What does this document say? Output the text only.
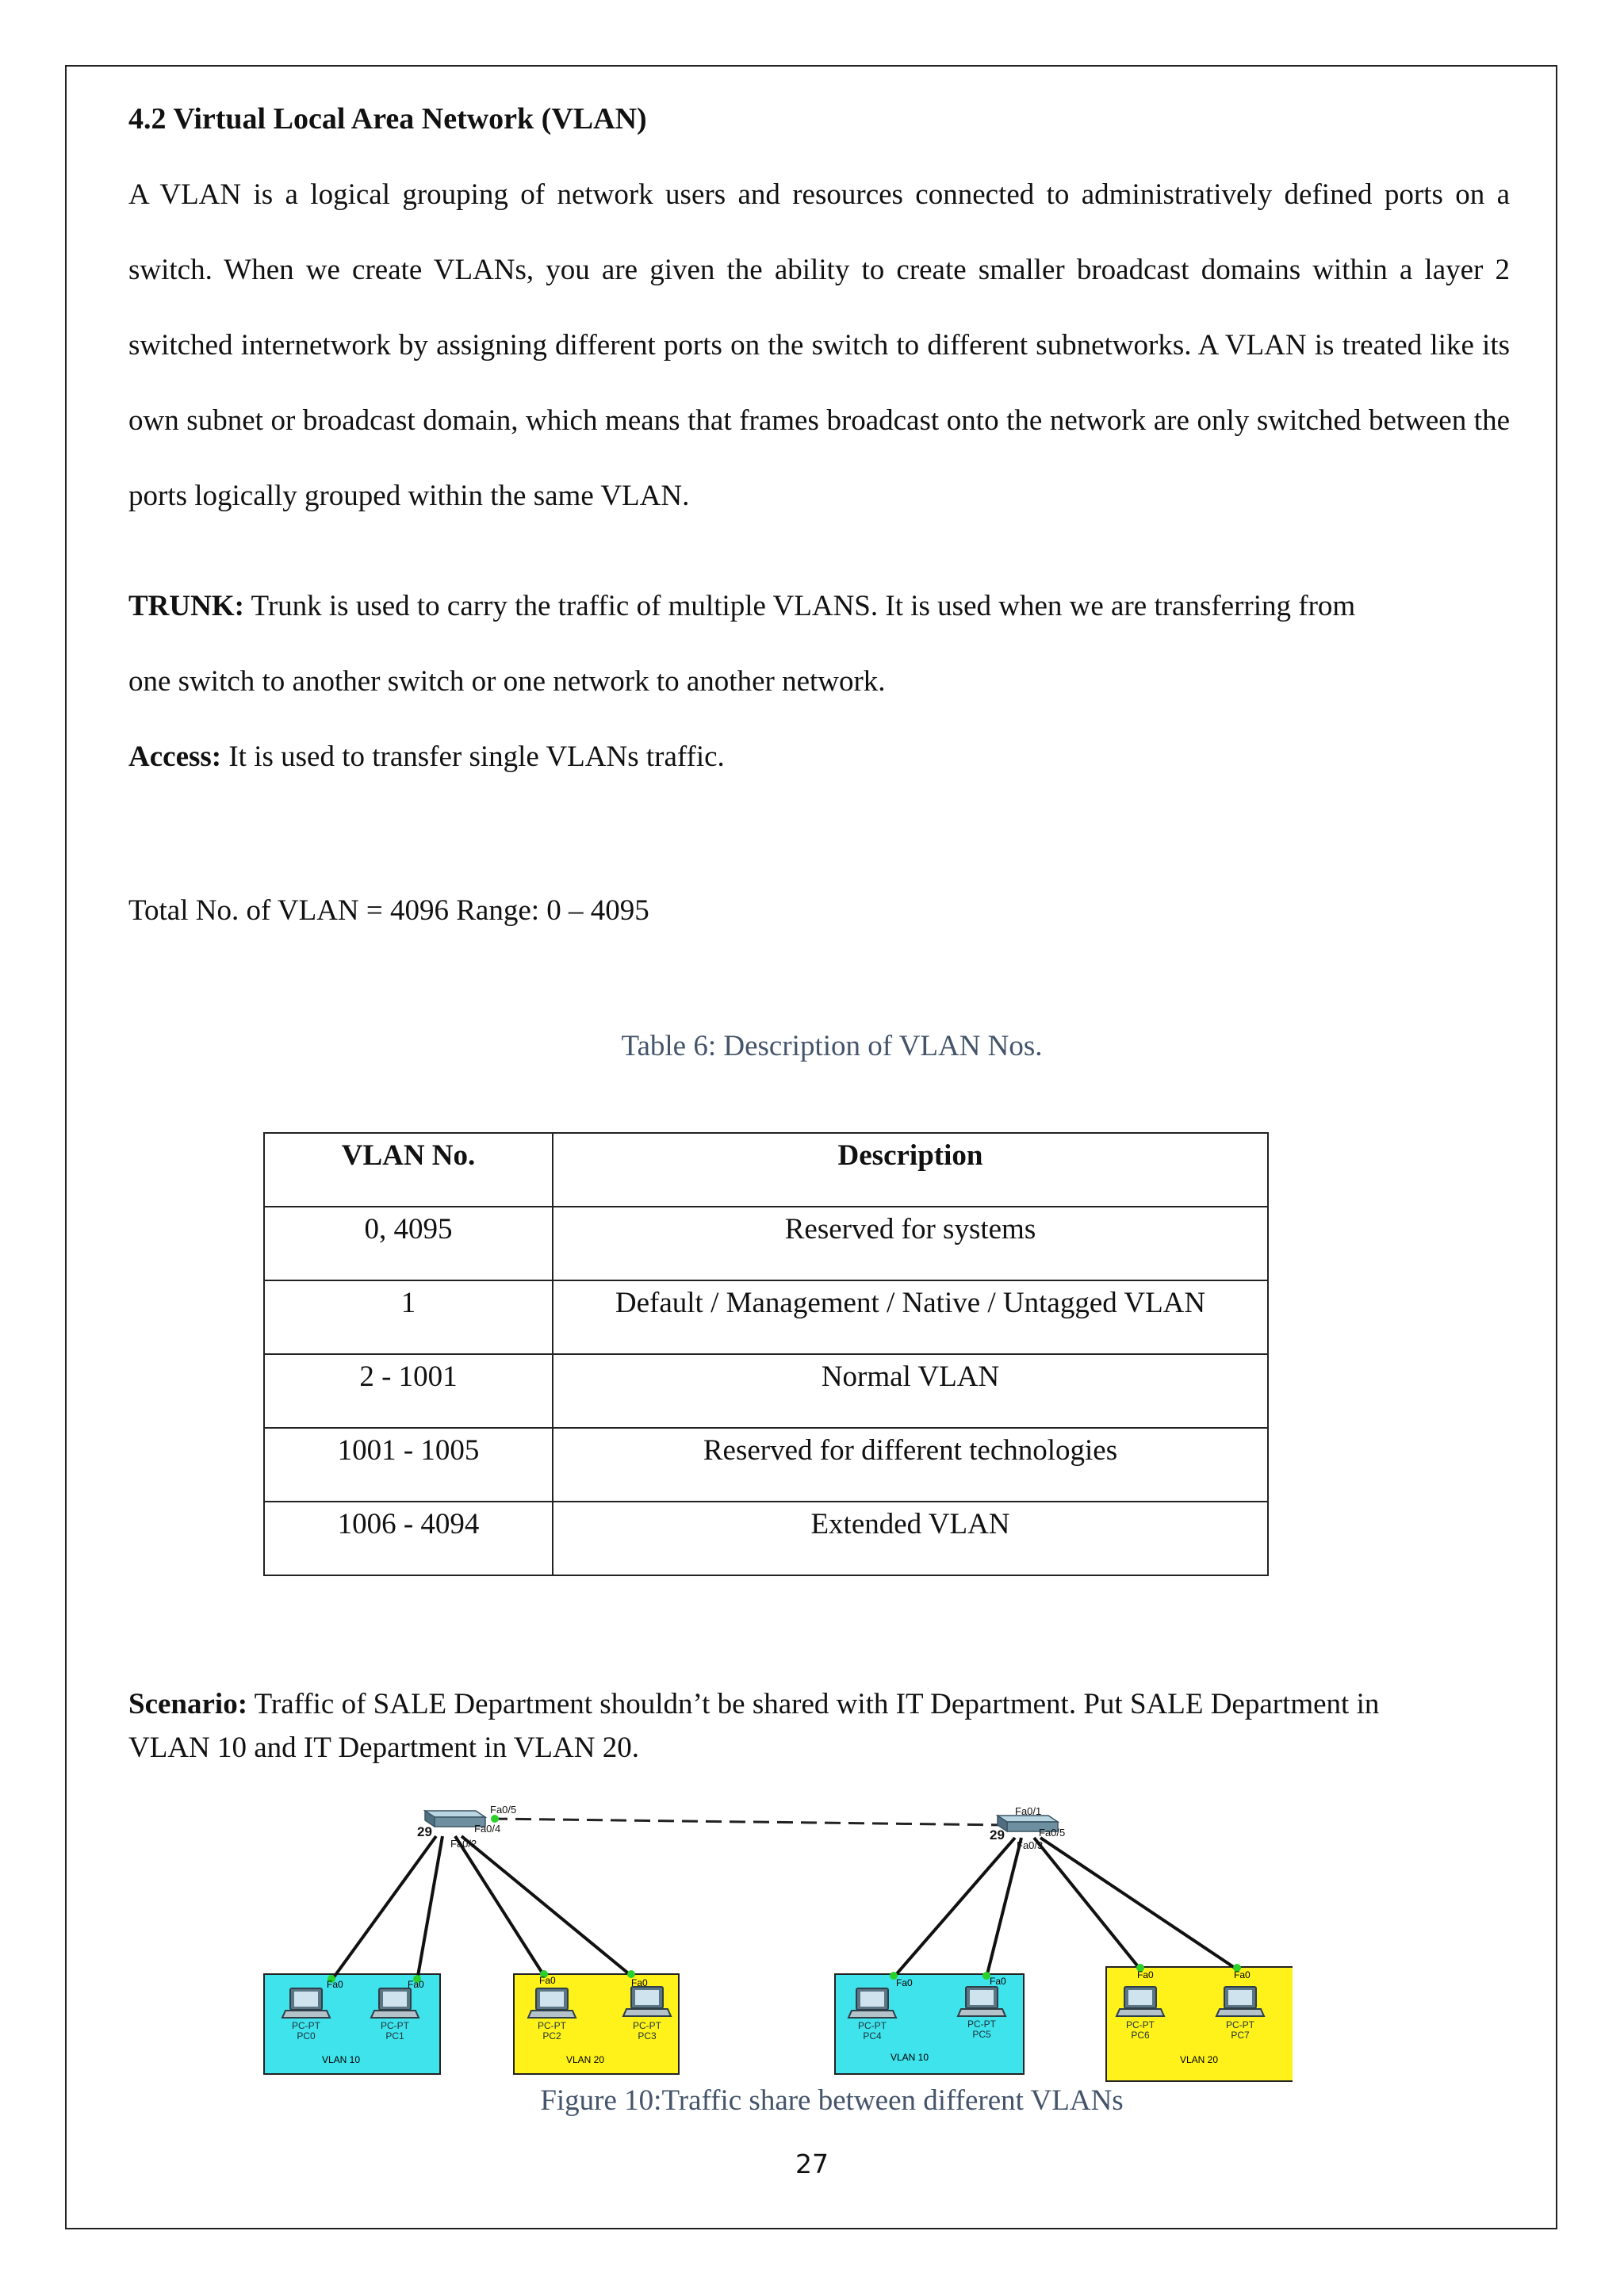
4.2 Virtual Local Area Network (VLAN)

A VLAN is a logical grouping of network users and resources connected to administratively defined ports on a switch. When we create VLANs, you are given the ability to create smaller broadcast domains within a layer 2 switched internetwork by assigning different ports on the switch to different subnetworks. A VLAN is treated like its own subnet or broadcast domain, which means that frames broadcast onto the network are only switched between the ports logically grouped within the same VLAN.

TRUNK: Trunk is used to carry the traffic of multiple VLANS. It is used when we are transferring from
one switch to another switch or one network to another network.
Access: It is used to transfer single VLANs traffic.
Total No. of VLAN = 4096 Range: 0 – 4095
Table 6: Description of VLAN Nos.
VLAN No.	Description
0, 4095	Reserved for systems
1	Default / Management / Native / Untagged VLAN
2 - 1001	Normal VLAN
1001 - 1005	Reserved for different technologies
1006 - 4094	Extended VLAN
Scenario: Traffic of SALE Department shouldn’t be shared with IT Department. Put SALE Department in
VLAN 10 and IT Department in VLAN 20.
29
Fa0/5
Fa0/4
Fa0/2
29
Fa0/1
Fa0/5
Fa0/3
Fa0
PC-PT
PC0
Fa0
PC-PT
PC1
Fa0
PC-PT
PC2
Fa0
PC-PT
PC3
Fa0
PC-PT
PC4
Fa0
PC-PT
PC5
Fa0
PC-PT
PC6
Fa0
PC-PT
PC7
VLAN 10	VLAN 20	VLAN 10	VLAN 20
Figure 10:Traffic share between different VLANs
27
